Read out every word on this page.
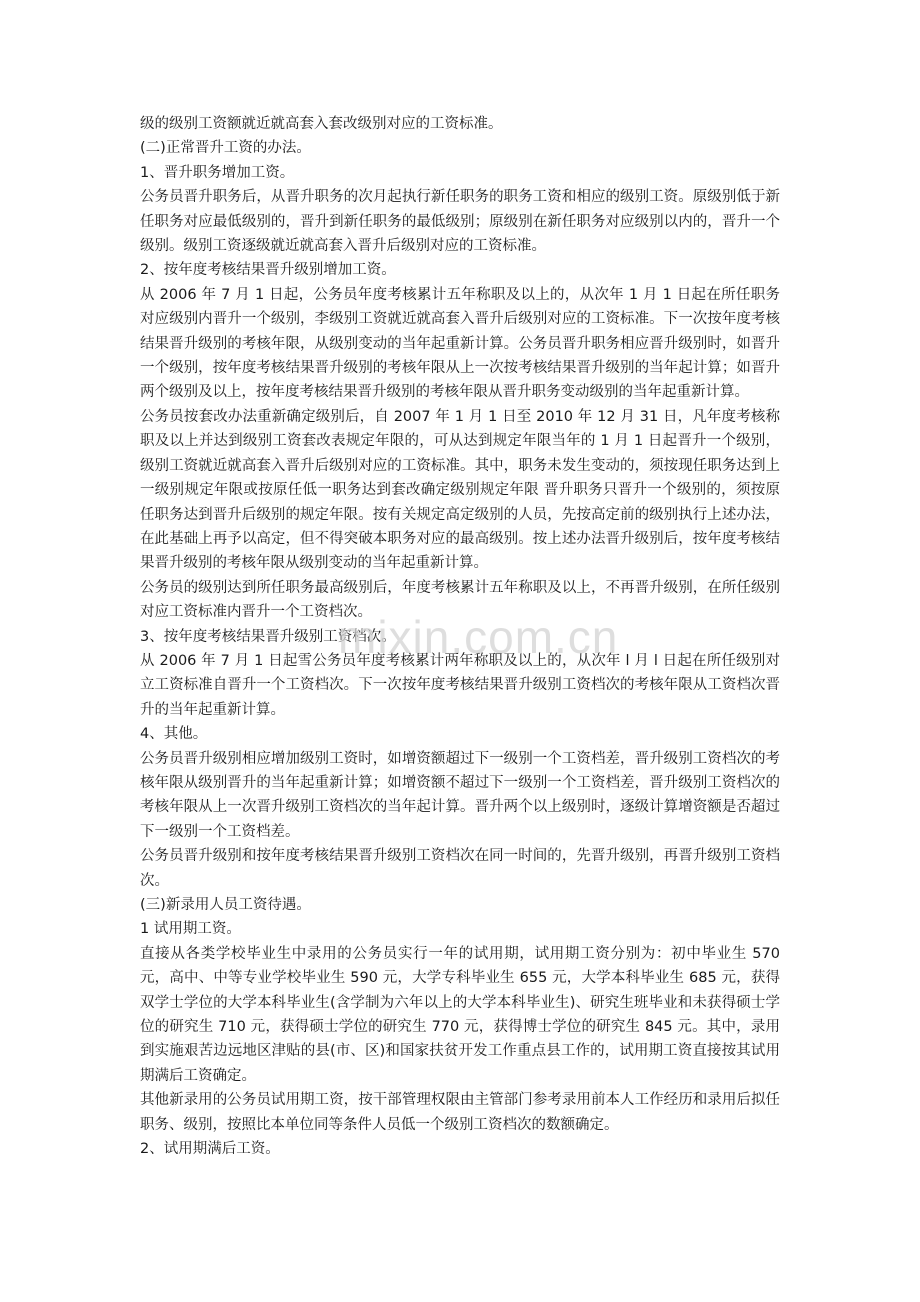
级的级别工资额就近就高套入套改级别对应的工资标准。

(二)正常晋升工资的办法。

1、晋升职务增加工资。

公务员晋升职务后，从晋升职务的次月起执行新任职务的职务工资和相应的级别工资。原级别低于新任职务对应最低级别的，晋升到新任职务的最低级别；原级别在新任职务对应级别以内的，晋升一个级别。级别工资逐级就近就高套入晋升后级别对应的工资标准。

2、按年度考核结果晋升级别增加工资。

从 2006 年 7 月 1 日起，公务员年度考核累计五年称职及以上的，从次年 1 月 1 日起在所任职务对应级别内晋升一个级别，李级别工资就近就高套入晋升后级别对应的工资标准。下一次按年度考核结果晋升级别的考核年限，从级别变动的当年起重新计算。公务员晋升职务相应晋升级别时，如晋升一个级别，按年度考核结果晋升级别的考核年限从上一次按考核结果晋升级别的当年起计算；如晋升两个级别及以上，按年度考核结果晋升级别的考核年限从晋升职务变动级别的当年起重新计算。

公务员按套改办法重新确定级别后，自 2007 年 1 月 1 日至 2010 年 12 月 31 日，凡年度考核称职及以上并达到级别工资套改表规定年限的，可从达到规定年限当年的 1 月 1 日起晋升一个级别，级别工资就近就高套入晋升后级别对应的工资标准。其中，职务未发生变动的，须按现任职务达到上一级别规定年限或按原任低一职务达到套改确定级别规定年限 晋升职务只晋升一个级别的，须按原任职务达到晋升后级别的规定年限。按有关规定高定级别的人员，先按高定前的级别执行上述办法，在此基础上再予以高定，但不得突破本职务对应的最高级别。按上述办法晋升级别后，按年度考核结果晋升级别的考核年限从级别变动的当年起重新计算。

公务员的级别达到所任职务最高级别后，年度考核累计五年称职及以上，不再晋升级别，在所任级别对应工资标准内晋升一个工资档次。

3、按年度考核结果晋升级别工资档次。

从 2006 年 7 月 1 日起雪公务员年度考核累计两年称职及以上的，从次年 l 月 l 日起在所任级别对立工资标准自晋升一个工资档次。下一次按年度考核结果晋升级别工资档次的考核年限从工资档次晋升的当年起重新计算。

4、其他。

公务员晋升级别相应增加级别工资时，如增资额超过下一级别一个工资档差，晋升级别工资档次的考核年限从级别晋升的当年起重新计算；如增资额不超过下一级别一个工资档差，晋升级别工资档次的考核年限从上一次晋升级别工资档次的当年起计算。晋升两个以上级别时，逐级计算增资额是否超过下一级别一个工资档差。

公务员晋升级别和按年度考核结果晋升级别工资档次在同一时间的，先晋升级别，再晋升级别工资档次。

(三)新录用人员工资待遇。

1 试用期工资。

直接从各类学校毕业生中录用的公务员实行一年的试用期，试用期工资分别为：初中毕业生 570 元，高中、中等专业学校毕业生 590 元，大学专科毕业生 655 元，大学本科毕业生 685 元，获得双学士学位的大学本科毕业生(含学制为六年以上的大学本科毕业生)、研究生班毕业和未获得硕士学位的研究生 710 元，获得硕士学位的研究生 770 元，获得博士学位的研究生 845 元。其中，录用到实施艰苦边远地区津贴的县(市、区)和国家扶贫开发工作重点县工作的，试用期工资直接按其试用期满后工资确定。

其他新录用的公务员试用期工资，按干部管理权限由主管部门参考录用前本人工作经历和录用后拟任职务、级别，按照比本单位同等条件人员低一个级别工资档次的数额确定。

2、试用期满后工资。

mixin.com.cn
